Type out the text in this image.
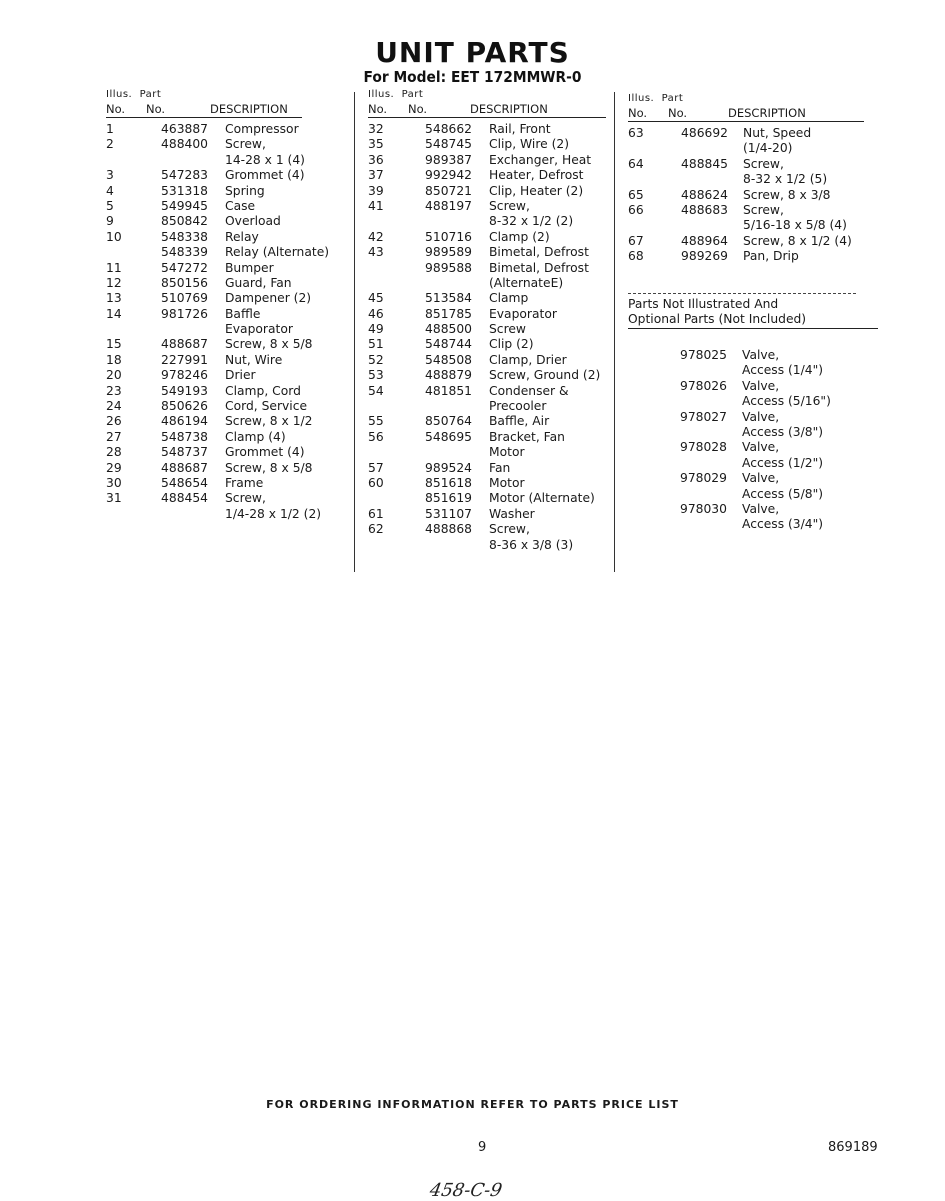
UNIT PARTS
For Model: EET 172MMWR-0
Illus. Part
No. No.	DESCRIPTION
1	463887 Compressor
2	488400 Screw,
14-28 x 1 (4)
3	547283 Grommet (4)
4	531318 Spring
5	549945 Case
9	850842 Overload
10	548338 Relay
548339 Relay (Alternate)
11	547272 Bumper
12	850156 Guard, Fan
13	510769 Dampener (2)
14	981726 Baffle
Evaporator
15	488687 Screw, 8 x 5/8
18	227991 Nut, Wire
20	978246 Drier
23	549193 Clamp, Cord
24	850626 Cord, Service
26	486194 Screw, 8 x 1/2
27	548738 Clamp (4)
28	548737 Grommet (4)
29	488687 Screw, 8 x 5/8
30	548654 Frame
31	488454 Screw,
1/4-28 x 1/2 (2)
Illus. Part
No. No.	DESCRIPTION
32	548662 Rail, Front
35	548745 Clip, Wire (2)
36	989387 Exchanger, Heat
37	992942 Heater, Defrost
39	850721 Clip, Heater (2)
41	488197 Screw,
8-32 x 1/2 (2)
42	510716 Clamp (2)
43	989589 Bimetal, Defrost
989588 Bimetal, Defrost
(AlternateE)
45	513584 Clamp
46	851785 Evaporator
49	488500 Screw
51	548744 Clip (2)
52	548508 Clamp, Drier
53	488879 Screw, Ground (2)
54	481851 Condenser &
Precooler
55	850764 Baffle, Air
56	548695 Bracket, Fan
Motor
57	989524 Fan
60	851618 Motor
851619 Motor (Alternate)
61	531107 Washer
62	488868 Screw,
8-36 x 3/8 (3)
Illus. Part
No. No.	DESCRIPTION
63	486692 Nut, Speed
(1/4-20)
64	488845 Screw,
8-32 x 1/2 (5)
65	488624 Screw, 8 x 3/8
66	488683 Screw,
5/16-18 x 5/8 (4)
67	488964 Screw, 8 x 1/2 (4)
68	989269 Pan, Drip
Parts Not Illustrated And
Optional Parts (Not Included)
978025 Valve,
Access (1/4")
978026 Valve,
Access (5/16")
978027 Valve,
Access (3/8")
978028 Valve,
Access (1/2")
978029 Valve,
Access (5/8")
978030 Valve,
Access (3/4")
FOR ORDERING INFORMATION REFER TO PARTS PRICE LIST
9	869189
458-C-9
